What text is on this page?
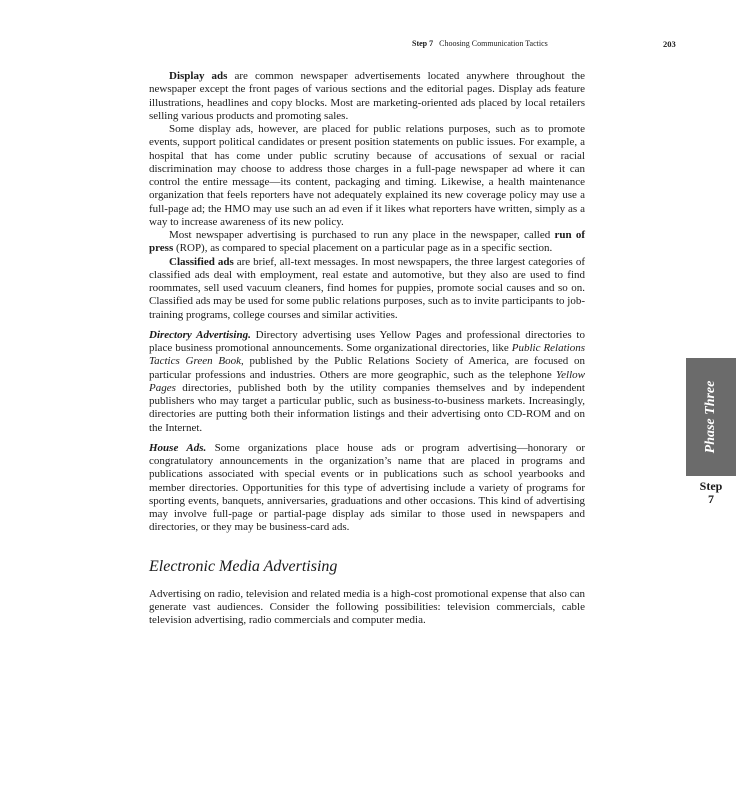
Step 7 Choosing Communication Tactics	203

Display ads are common newspaper advertisements located anywhere throughout the newspaper except the front pages of various sections and the editorial pages. Display ads feature illustrations, headlines and copy blocks. Most are marketing-oriented ads placed by local retailers selling various products and promoting sales.

Some display ads, however, are placed for public relations purposes, such as to promote events, support political candidates or present position statements on public issues. For example, a hospital that has come under public scrutiny because of accusations of sexual or racial discrimination may choose to address those charges in a full-page newspaper ad where it can control the entire message—its content, packaging and timing. Likewise, a health maintenance organization that feels reporters have not adequately explained its new coverage policy may use a full-page ad; the HMO may use such an ad even if it likes what reporters have written, simply as a way to increase awareness of its new policy.

Most newspaper advertising is purchased to run any place in the newspaper, called run of press (ROP), as compared to special placement on a particular page as in a specific section.

Classified ads are brief, all-text messages. In most newspapers, the three largest categories of classified ads deal with employment, real estate and automotive, but they also are used to find roommates, sell used vacuum cleaners, find homes for puppies, promote social causes and so on. Classified ads may be used for some public relations purposes, such as to invite participants to job-training programs, college courses and similar activities.

Directory Advertising. Directory advertising uses Yellow Pages and professional directories to place business promotional announcements. Some organizational directories, like Public Relations Tactics Green Book, published by the Public Relations Society of America, are focused on particular professions and industries. Others are more geographic, such as the telephone Yellow Pages directories, published both by the utility companies themselves and by independent publishers who may target a particular public, such as business-to-business markets. Increasingly, directories are putting both their information listings and their advertising onto CD-ROM and on the Internet.

House Ads. Some organizations place house ads or program advertising—honorary or congratulatory announcements in the organization’s name that are placed in programs and publications associated with special events or in publications such as school yearbooks and member directories. Opportunities for this type of advertising include a variety of programs for sporting events, banquets, anniversaries, graduations and other occasions. This kind of advertising may involve full-page or partial-page display ads similar to those used in newspapers and directories, or they may be business-card ads.

Electronic Media Advertising

Advertising on radio, television and related media is a high-cost promotional expense that also can generate vast audiences. Consider the following possibilities: television commercials, cable television advertising, radio commercials and computer media.

Phase Three
Step
7
